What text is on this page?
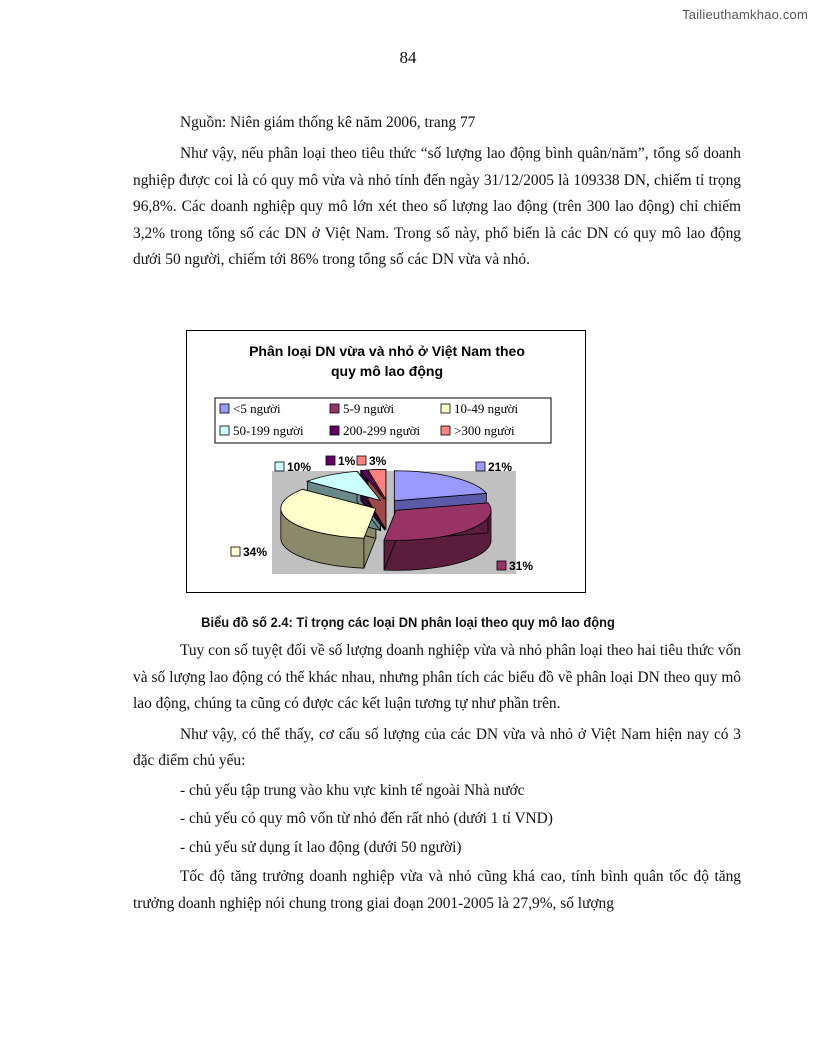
Tailieuthamkhao.com
84
Nguồn: Niên giám thống kê năm 2006, trang 77

Như vậy, nếu phân loại theo tiêu thức “số lượng lao động bình quân/năm”, tổng số doanh nghiệp được coi là có quy mô vừa và nhỏ tính đến ngày 31/12/2005 là 109338 DN, chiếm tỉ trọng 96,8%. Các doanh nghiệp quy mô lớn xét theo số lượng lao động (trên 300 lao động) chỉ chiếm 3,2% trong tổng số các DN ở Việt Nam. Trong số này, phổ biến là các DN có quy mô lao động dưới 50 người, chiếm tới 86% trong tổng số các DN vừa và nhỏ.

Phân loại DN vừa và nhỏ ở Việt Nam theo
quy mô lao động
<5 người	5-9 người	10-49 người
50-199 người	200-299 người	>300 người
21%
31%
34%
10% 1% 3%
Biểu đồ số 2.4: Tỉ trọng các loại DN phân loại theo quy mô lao động

Tuy con số tuyệt đối về số lượng doanh nghiệp vừa và nhỏ phân loại theo hai tiêu thức vốn và số lượng lao động có thể khác nhau, nhưng phân tích các biểu đồ về phân loại DN theo quy mô lao động, chúng ta cũng có được các kết luận tương tự như phần trên.

Như vậy, có thể thấy, cơ cấu số lượng của các DN vừa và nhỏ ở Việt Nam hiện nay có 3 đặc điểm chủ yếu:

- chủ yếu tập trung vào khu vực kinh tế ngoài Nhà nước

- chủ yếu có quy mô vốn từ nhỏ đến rất nhỏ (dưới 1 tỉ VND)

- chủ yếu sử dụng ít lao động (dưới 50 người)

Tốc độ tăng trưởng doanh nghiệp vừa và nhỏ cũng khá cao, tính bình quân tốc độ tăng trưởng doanh nghiệp nói chung trong giai đoạn 2001-2005 là 27,9%, số lượng
